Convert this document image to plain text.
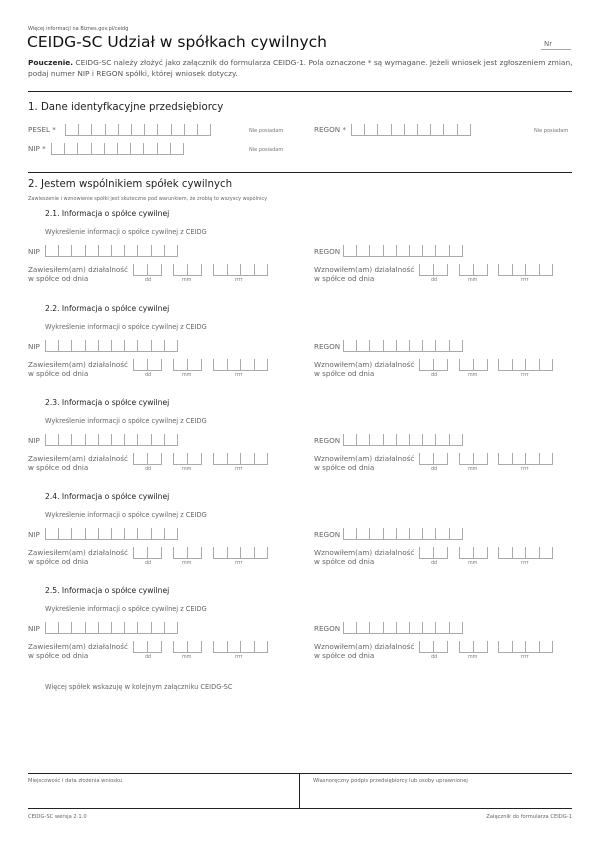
Więcej informacji na Biznes.gov.pl/ceidg
CEIDG-SC Udział w spółkach cywilnych	Nr
Pouczenie. CEIDG-SC należy złożyć jako załącznik do formularza CEIDG-1. Pola oznaczone * są wymagane. Jeżeli wniosek jest zgłoszeniem zmian, podaj numer NIP i REGON spółki, której wniosek dotyczy.
1. Dane identyfkacyjne przedsiębiorcy
PESEL *	Nie posiadam	REGON *	Nie posiadam
NIP *	Nie posiadam
2. Jestem wspólnikiem spółek cywilnych
Zawieszenie i wznowienie spółki jest skuteczne pod warunkiem, że zrobią to wszyscy wspólnicy
2.1. Informacja o spółce cywilnej
Wykreślenie informacji o spółce cywilnej z CEIDG
NIP	REGON
Zawiesiłem(am) działalność
w spółce od dnia	dd	mm	rrrr
Wznowiłem(am) działalność
w spółce od dnia	dd	mm	rrrr
2.2. Informacja o spółce cywilnej
Wykreślenie informacji o spółce cywilnej z CEIDG
NIP	REGON
Zawiesiłem(am) działalność
w spółce od dnia	dd	mm	rrrr
Wznowiłem(am) działalność
w spółce od dnia	dd	mm	rrrr
2.3. Informacja o spółce cywilnej
Wykreślenie informacji o spółce cywilnej z CEIDG
NIP	REGON
Zawiesiłem(am) działalność
w spółce od dnia	dd	mm	rrrr
Wznowiłem(am) działalność
w spółce od dnia	dd	mm	rrrr
2.4. Informacja o spółce cywilnej
Wykreślenie informacji o spółce cywilnej z CEIDG
NIP	REGON
Zawiesiłem(am) działalność
w spółce od dnia	dd	mm	rrrr
Wznowiłem(am) działalność
w spółce od dnia	dd	mm	rrrr
2.5. Informacja o spółce cywilnej
Wykreślenie informacji o spółce cywilnej z CEIDG
NIP	REGON
Zawiesiłem(am) działalność
w spółce od dnia	dd	mm	rrrr
Wznowiłem(am) działalność
w spółce od dnia	dd	mm	rrrr
Więcej spółek wskazuję w kolejnym załączniku CEIDG-SC
Miejscowość i data złożenia wniosku	Własnoręczny podpis przedsiębiorcy lub osoby uprawnionej
CEIDG-SC wersja 2.1.0	Załącznik do formularza CEIDG-1
